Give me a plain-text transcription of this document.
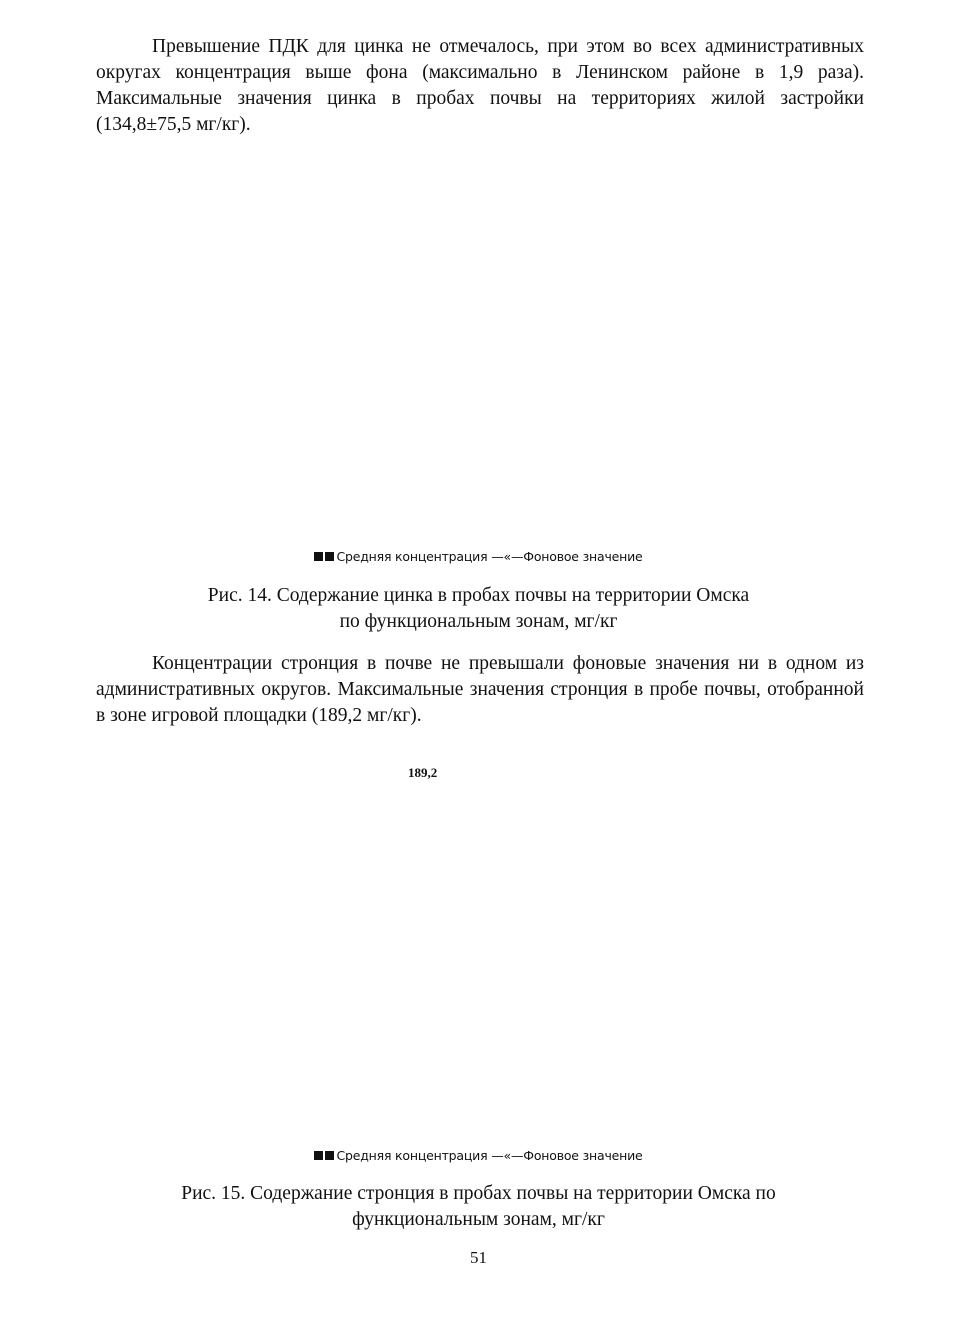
Превышение ПДК для цинка не отмечалось, при этом во всех административных округах концентрация выше фона (максимально в Ленинском районе в 1,9 раза). Максимальные значения цинка в пробах почвы на территориях жилой застройки (134,8±75,5 мг/кг).

Средняя концентрация —«—Фоновое значение
Рис. 14. Содержание цинка в пробах почвы на территории Омска
по функциональным зонам, мг/кг

Концентрации стронция в почве не превышали фоновые значения ни в одном из административных округов. Максимальные значения стронция в пробе почвы, отобранной в зоне игровой площадки (189,2 мг/кг).

189,2
Средняя концентрация —«—Фоновое значение
Рис. 15. Содержание стронция в пробах почвы на территории Омска по
функциональным зонам, мг/кг
51
